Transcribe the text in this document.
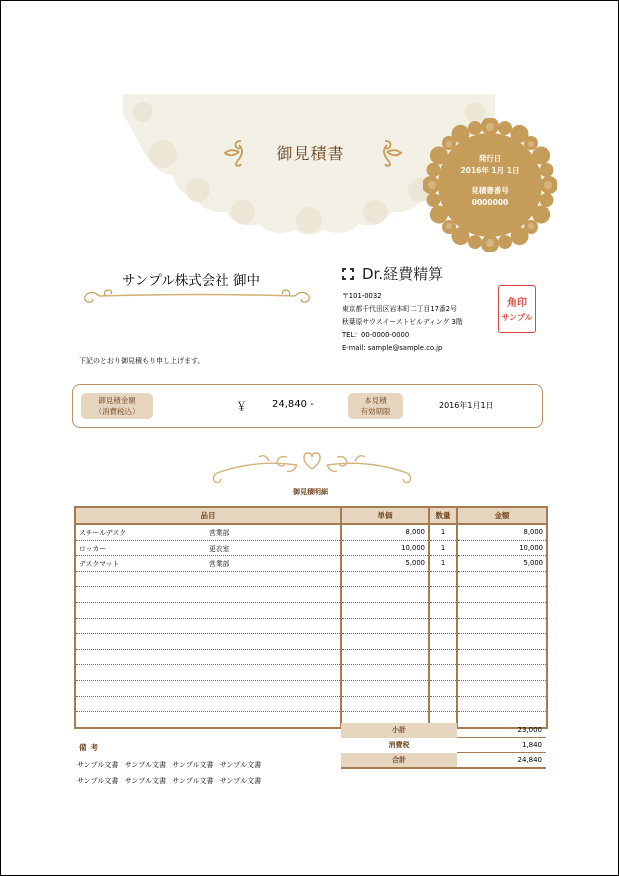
御見積書	発行日
2016年 1月 1日
見積書番号
0000000
サンプル株式会社 御中	Dr.経費精算
〒101-0032
東京都千代田区岩本町二丁目17番2号
秋葉原サウスイーストビルディング 3階
TEL：00-0000-0000
E-mail: sample@sample.co.jp
角印
サンプル
下記のとおり御見積もり申し上げます。
御見積金額
（消費税込）	￥	24,840 -	本見積
有効期限
2016年1月1日
御見積明細
品目	単価	数量	金額
スチールデスク 営業部	8,000	1	8,000
ロッカー 更衣室	10,000	1	10,000
デスクマット 営業部	5,000	1	5,000

小計	23,000
消費税	1,840
合計	24,840
備考
サンプル文書 サンプル文書 サンプル文書 サンプル文書
サンプル文書 サンプル文書 サンプル文書 サンプル文書
